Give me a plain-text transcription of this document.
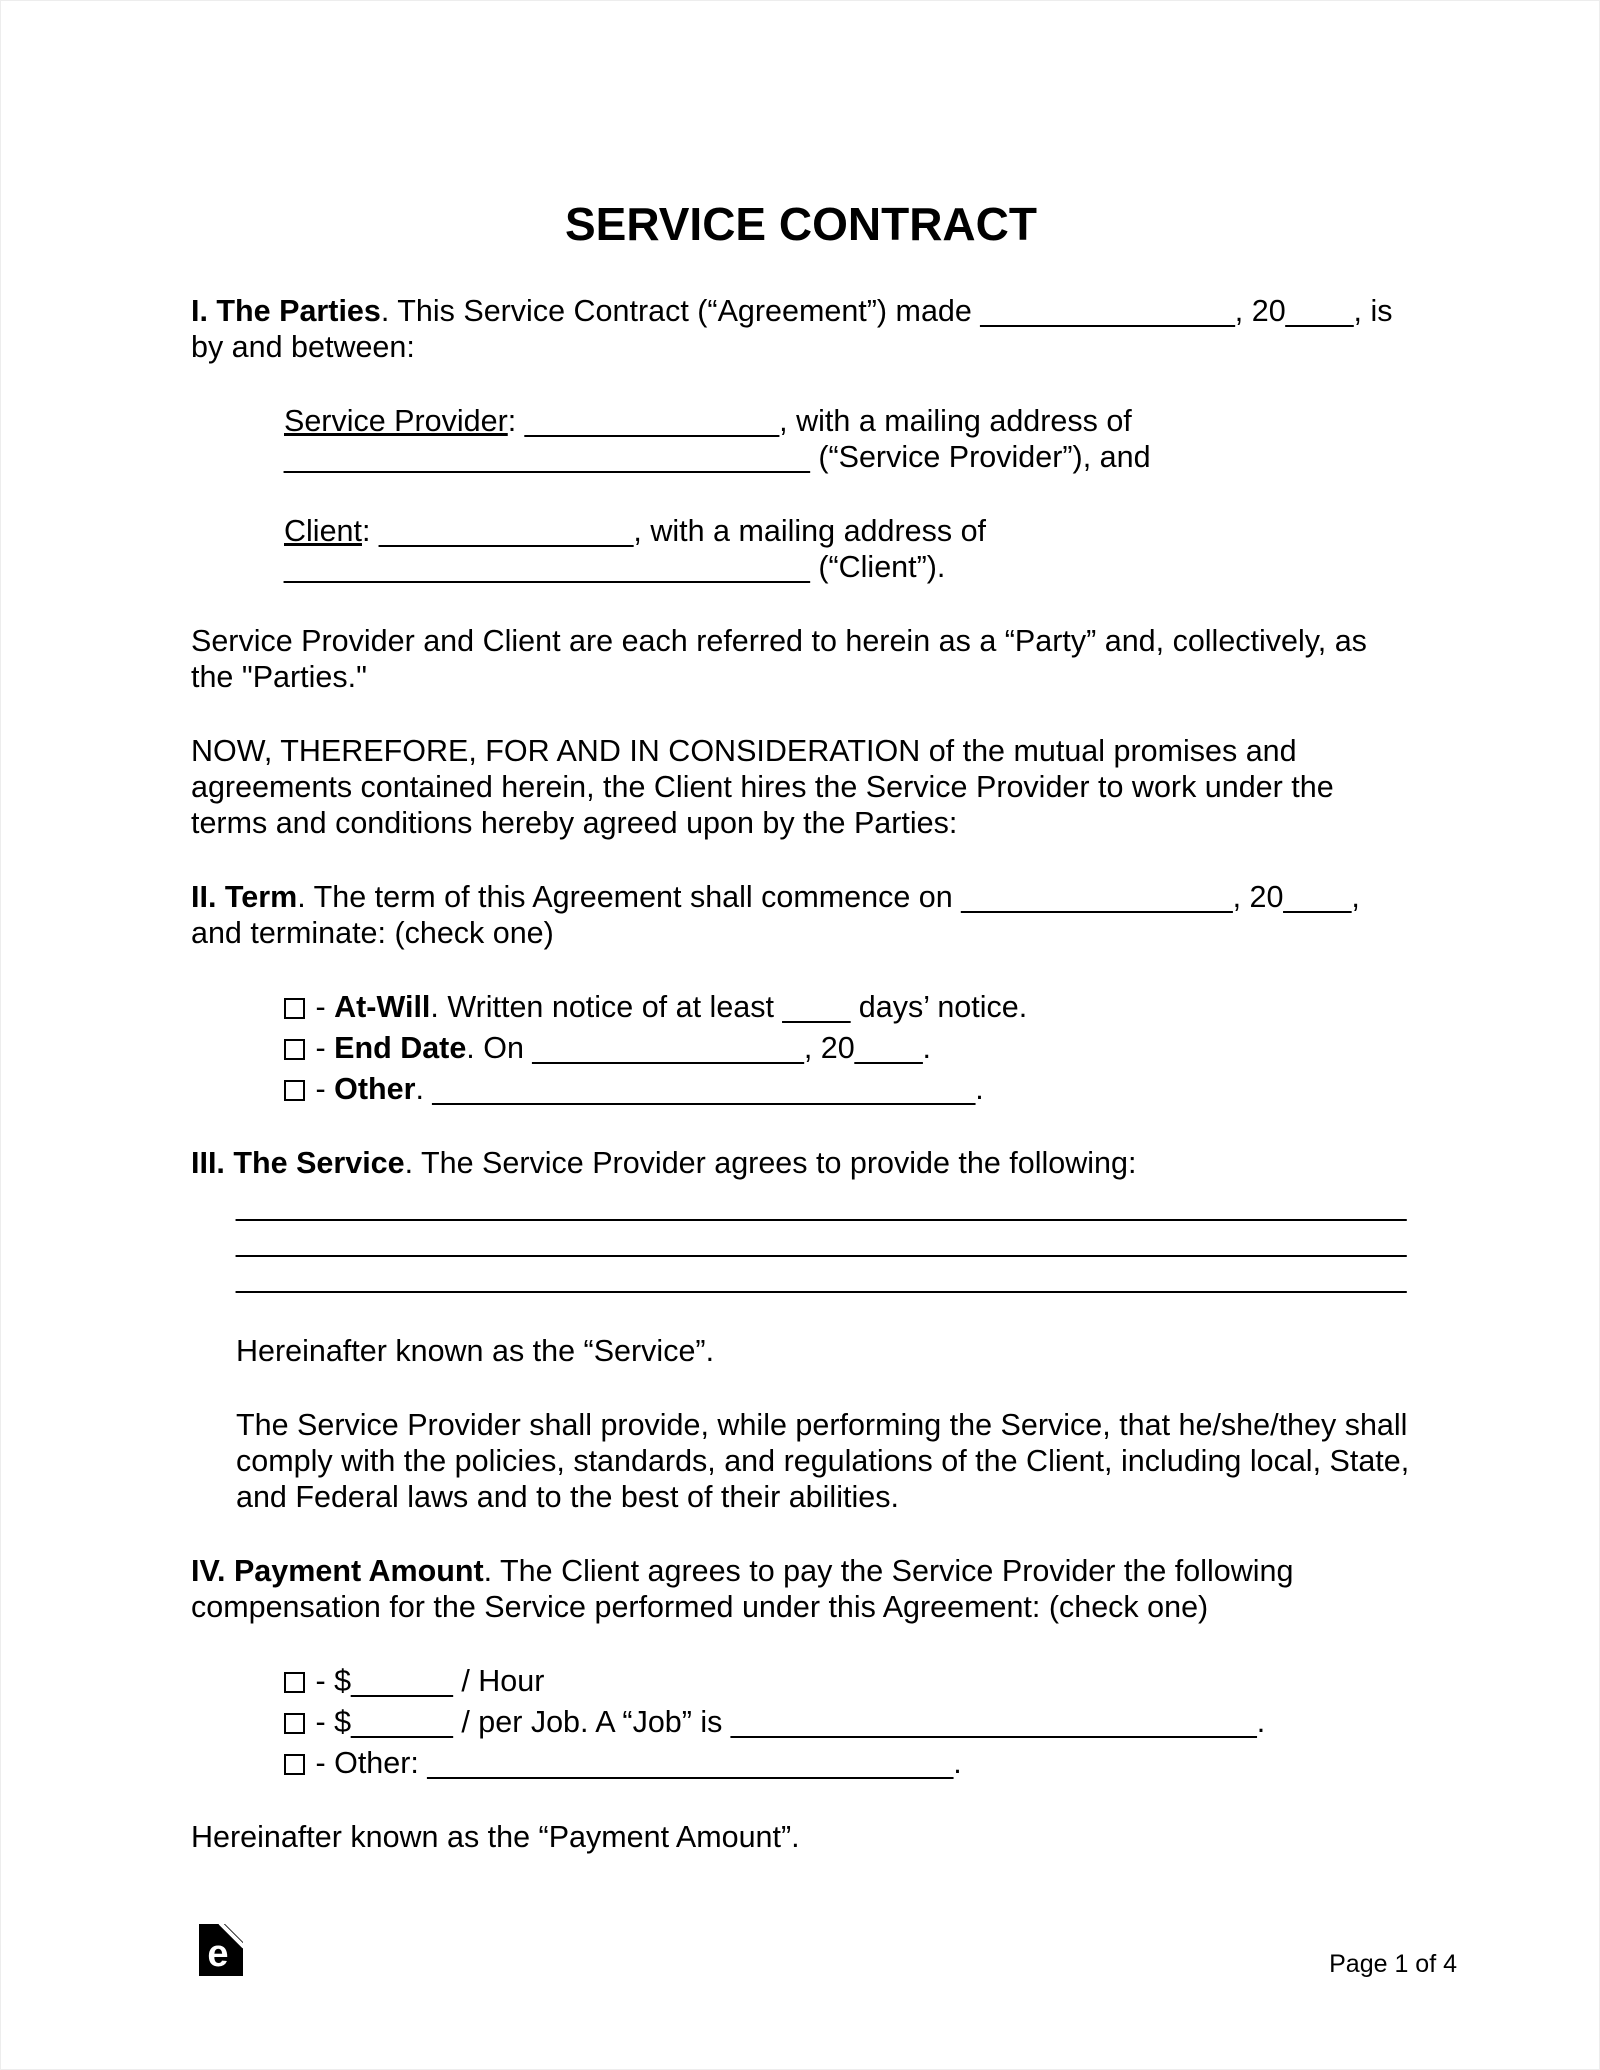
SERVICE CONTRACT

I. The Parties. This Service Contract (“Agreement”) made _______________, 20____, is by and between:

Service Provider: _______________, with a mailing address of _______________________________ (“Service Provider”), and

Client: _______________, with a mailing address of _______________________________ (“Client”).

Service Provider and Client are each referred to herein as a “Party” and, collectively, as the "Parties."

NOW, THEREFORE, FOR AND IN CONSIDERATION of the mutual promises and agreements contained herein, the Client hires the Service Provider to work under the terms and conditions hereby agreed upon by the Parties:

II. Term. The term of this Agreement shall commence on ________________, 20____, and terminate: (check one)

- At-Will. Written notice of at least ____ days’ notice.
- End Date. On ________________, 20____.
- Other. ________________________________.

III. The Service. The Service Provider agrees to provide the following:

_____________________________________________________________________
_____________________________________________________________________
_____________________________________________________________________

Hereinafter known as the “Service”.

The Service Provider shall provide, while performing the Service, that he/she/they shall comply with the policies, standards, and regulations of the Client, including local, State, and Federal laws and to the best of their abilities.

IV. Payment Amount. The Client agrees to pay the Service Provider the following compensation for the Service performed under this Agreement: (check one)

- $______ / Hour
- $______ / per Job. A “Job” is _______________________________.
- Other: _______________________________.

Hereinafter known as the “Payment Amount”.

e	Page 1 of 4
